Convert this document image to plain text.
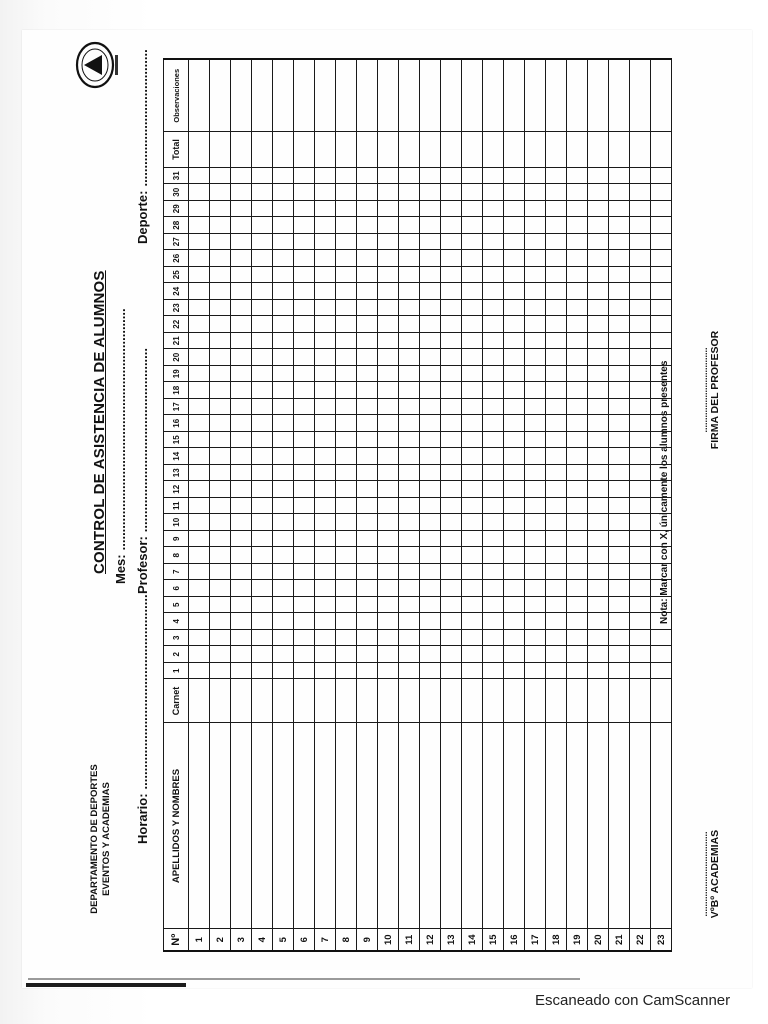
CONTROL DE ASISTENCIA DE ALUMNOS
DEPARTAMENTO DE DEPORTES EVENTOS Y ACADEMIAS
Mes:...................................................................
Deporte:......................................
Profesor:...................................................
Horario:......................................................
Nº	APELLIDOS Y NOMBRES	Carnet	1	2	3	4	5	6	7	8	9	10	11	12	13	14	15	16	17	18	19	20	21	22	23	24	25	26	27	28	29	30	31	Total	Observaciones
1																																			
2																																			
3																																			
4																																			
5																																			
6																																			
7																																			
8																																			
9																																			
10																																			
11																																			
12																																			
13																																			
14																																			
15																																			
16																																			
17																																			
18																																			
19																																			
20																																			
21																																			
22																																			
23																																			
Nota: Marcar con X, únicamente los alumnos presentes	.................................. FIRMA DEL PROFESOR
.................................. VºBº ACADEMIAS
Escaneado con CamScanner
